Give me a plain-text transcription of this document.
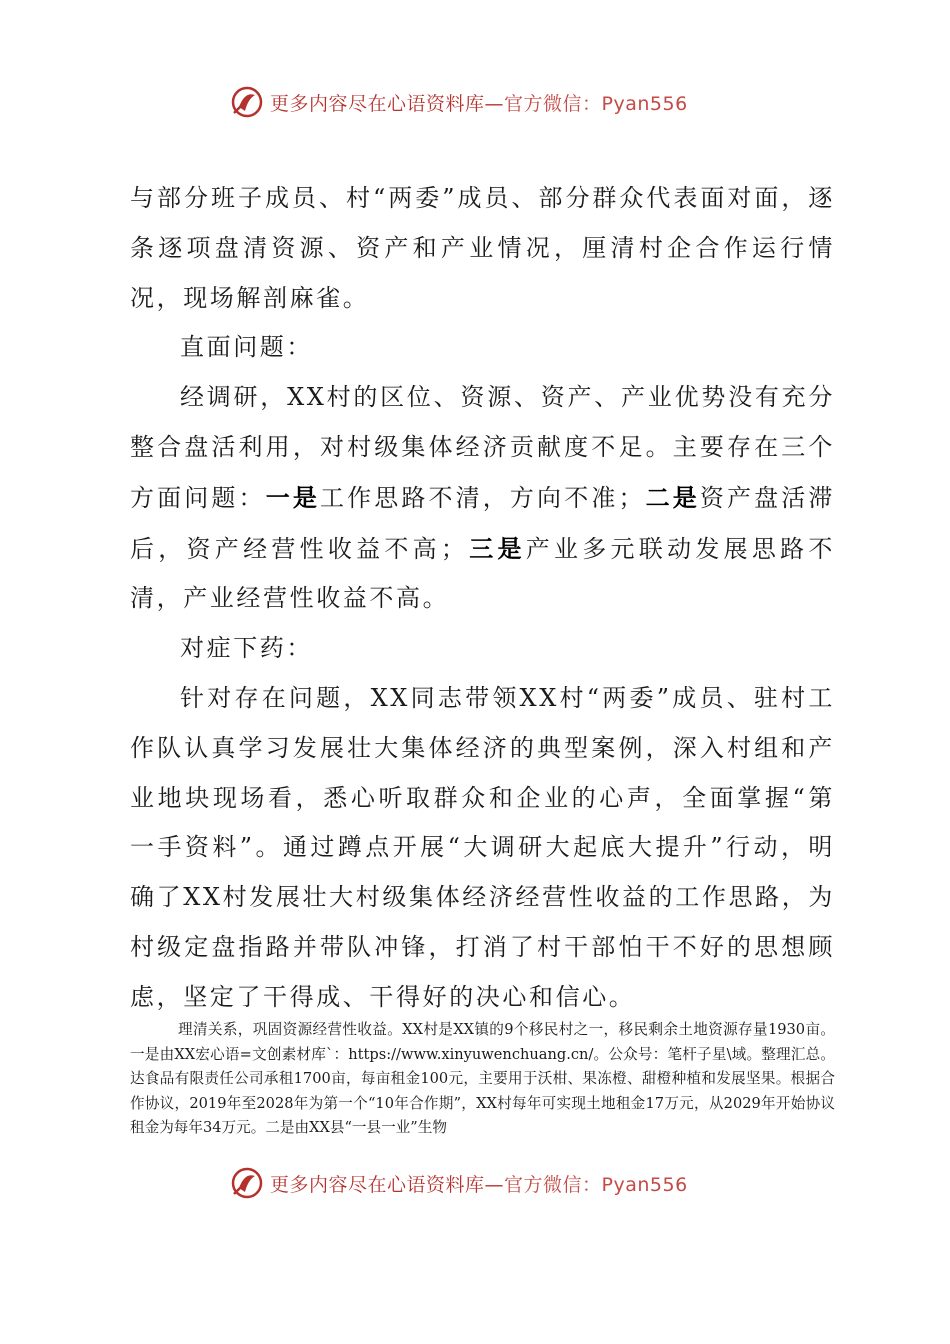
更多内容尽在心语资料库—官方微信：Pyan556

与部分班子成员、村“两委”成员、部分群众代表面对面，逐条逐项盘清资源、资产和产业情况，厘清村企合作运行情况，现场解剖麻雀。

直面问题：

经调研，XX村的区位、资源、资产、产业优势没有充分整合盘活利用，对村级集体经济贡献度不足。主要存在三个方面问题：一是工作思路不清，方向不准；二是资产盘活滞后，资产经营性收益不高；三是产业多元联动发展思路不清，产业经营性收益不高。

对症下药：

针对存在问题，XX同志带领XX村“两委”成员、驻村工作队认真学习发展壮大集体经济的典型案例，深入村组和产业地块现场看，悉心听取群众和企业的心声，全面掌握“第一手资料”。通过蹲点开展“大调研大起底大提升”行动，明确了XX村发展壮大村级集体经济经营性收益的工作思路，为村级定盘指路并带队冲锋，打消了村干部怕干不好的思想顾虑，坚定了干得成、干得好的决心和信心。

理清关系，巩固资源经营性收益。XX村是XX镇的9个移民村之一，移民剩余土地资源存量1930亩。一是由XX宏心语=文创素材库`：https://www.xinyuwenchuang.cn/。公众号：笔杆子星\域。整理汇总。达食品有限责任公司承租1700亩，每亩租金100元，主要用于沃柑、果冻橙、甜橙种植和发展坚果。根据合作协议，2019年至2028年为第一个“10年合作期”，XX村每年可实现土地租金17万元，从2029年开始协议租金为每年34万元。二是由XX县“一县一业”生物

更多内容尽在心语资料库—官方微信：Pyan556
